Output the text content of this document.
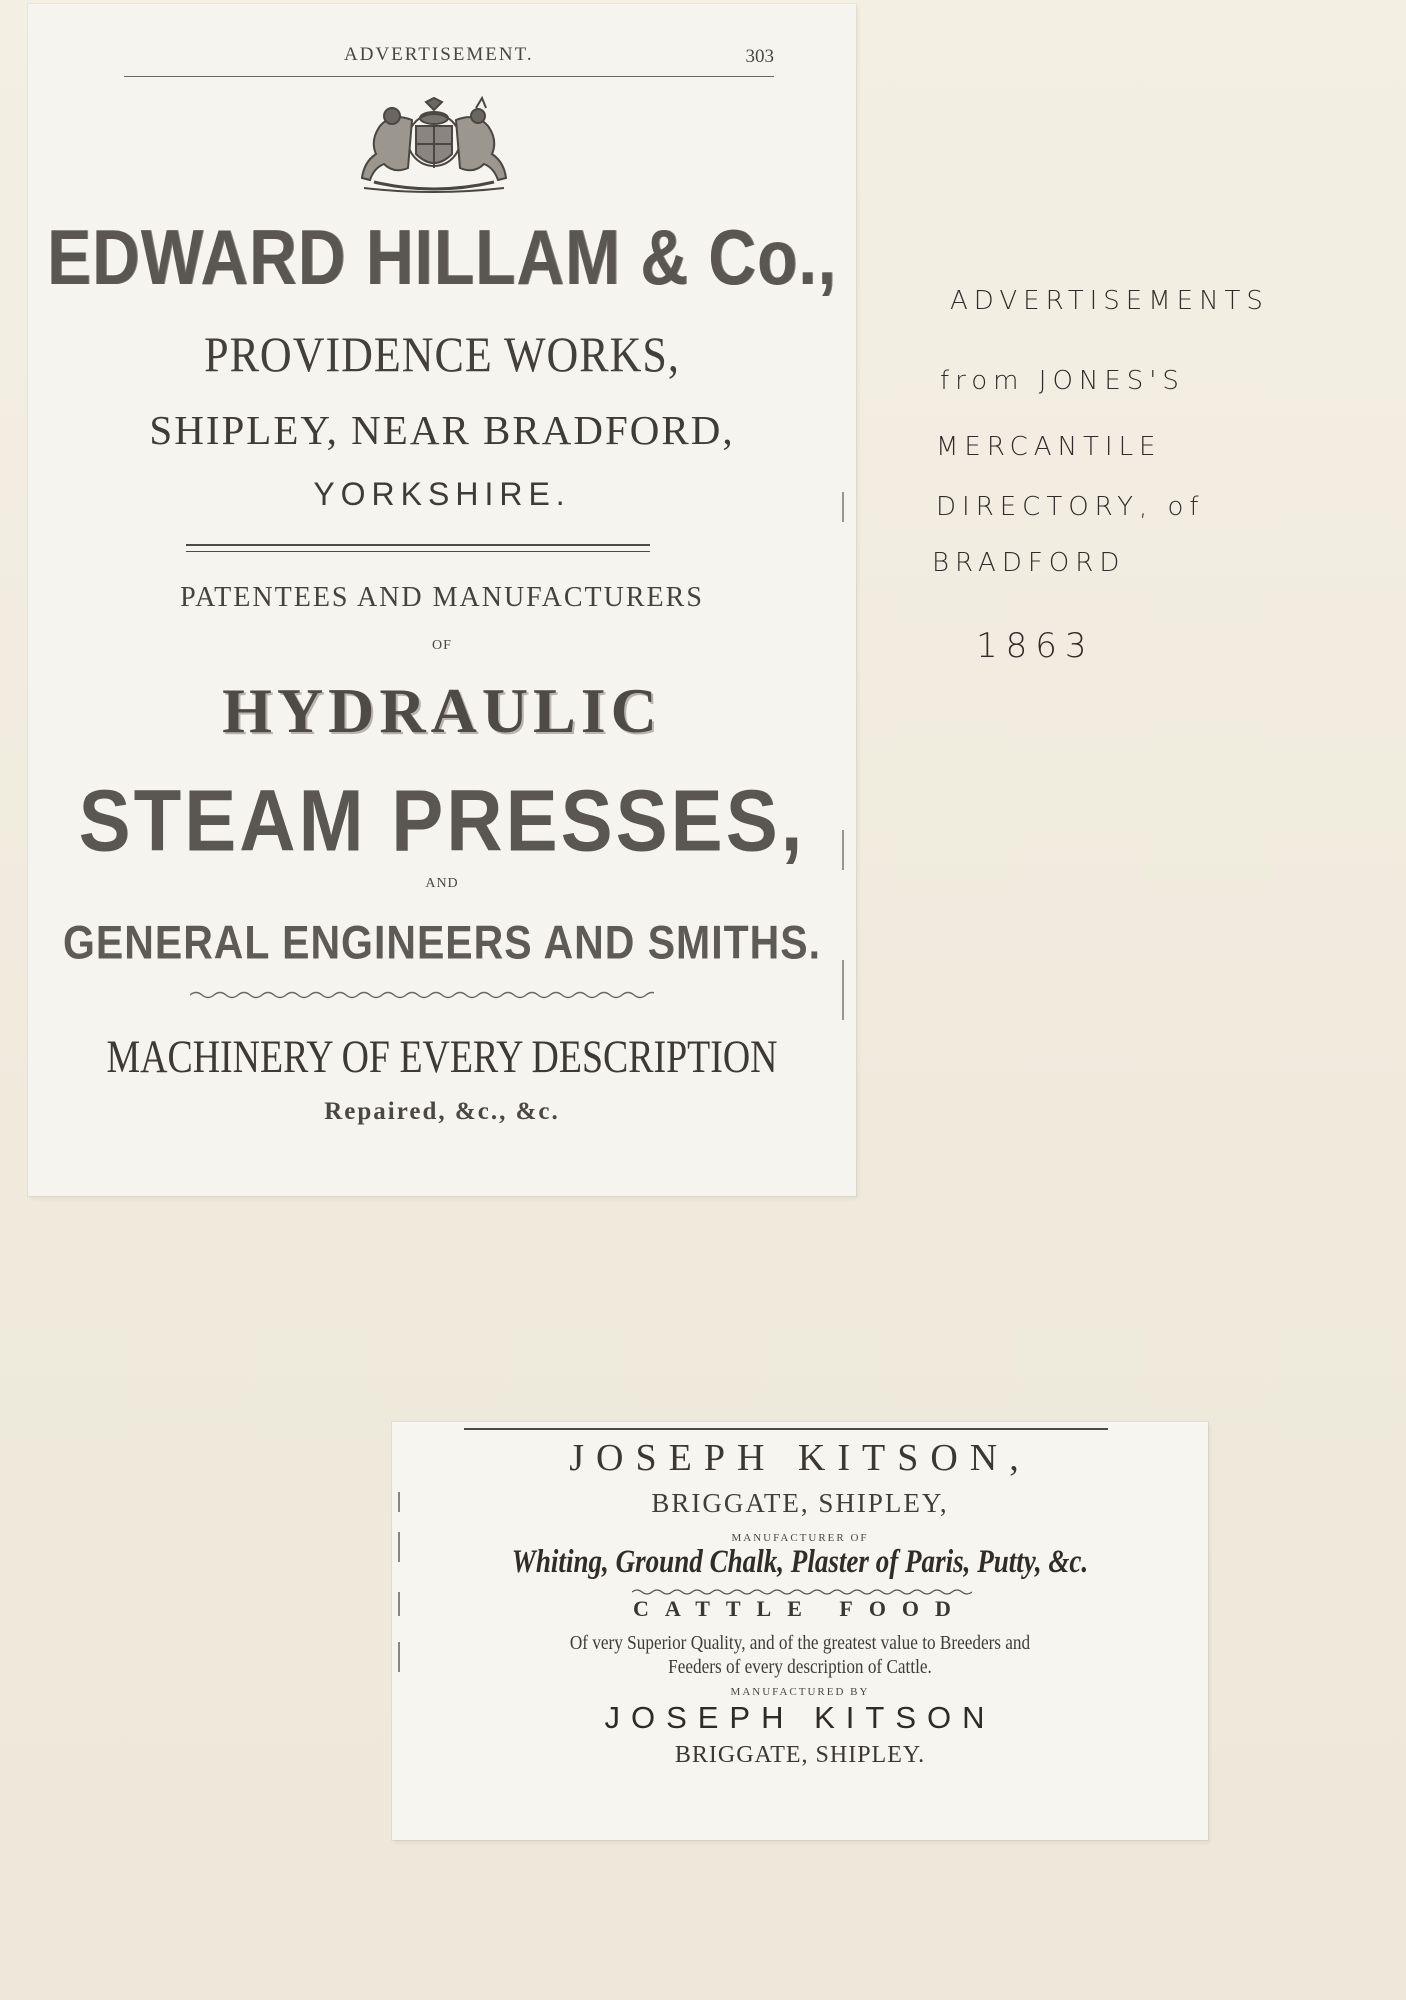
ADVERTISEMENT.	303
EDWARD HILLAM & Co.,
PROVIDENCE WORKS,
SHIPLEY, NEAR BRADFORD,
YORKSHIRE.
PATENTEES AND MANUFACTURERS
OF
HYDRAULIC
STEAM PRESSES,
AND
GENERAL ENGINEERS AND SMITHS.
MACHINERY OF EVERY DESCRIPTION
Repaired, &c., &c.
ADVERTISEMENTS
from JONES'S
MERCANTILE
DIRECTORY, of
BRADFORD
1863
JOSEPH KITSON,
BRIGGATE, SHIPLEY,
MANUFACTURER OF
Whiting, Ground Chalk, Plaster of Paris, Putty, &c.
CATTLE FOOD
Of very Superior Quality, and of the greatest value to Breeders and
Feeders of every description of Cattle.
MANUFACTURED BY
JOSEPH KITSON
BRIGGATE, SHIPLEY.
